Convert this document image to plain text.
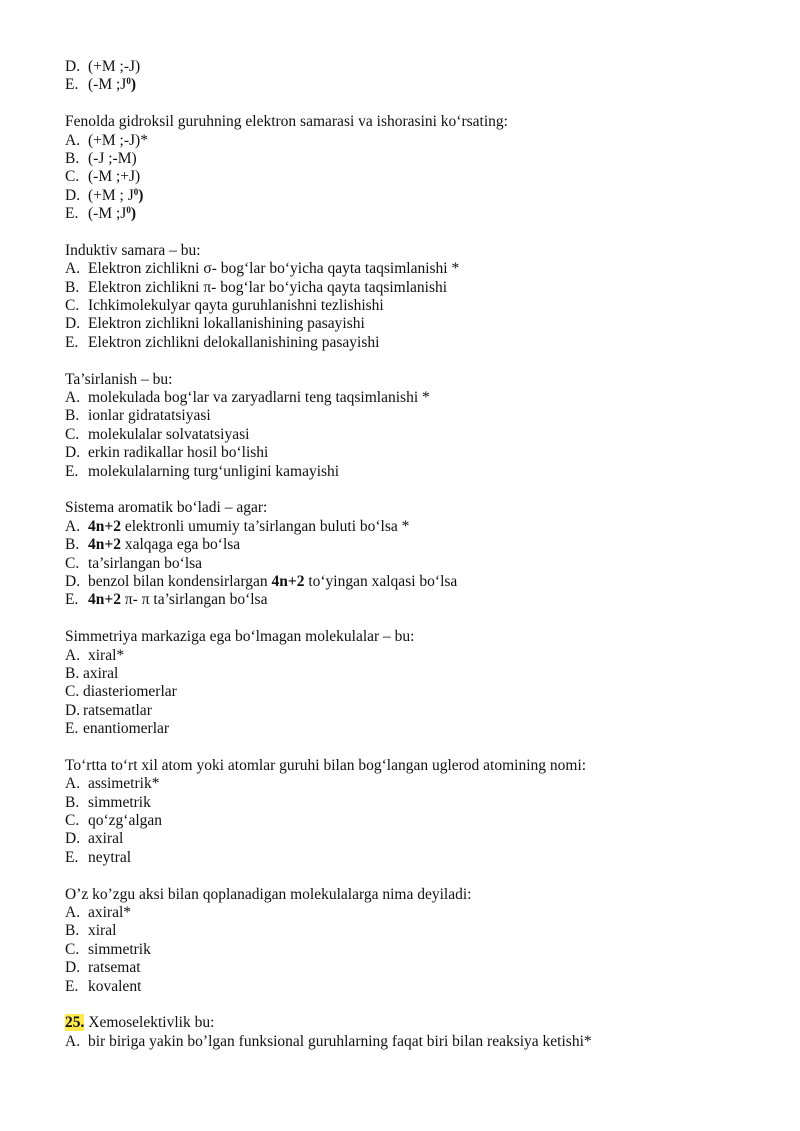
D. (+M ;-J)
E. (-M $;J^0$)
Fenolda gidroksil guruhning elektron samarasi va ishorasini ko‘rsating:
A. (+M ;-J)*
B. (-J ;-M)
C. (-M ;+J)
D. (+M ; $J^0$)
E. (-M $;J^0$)
Induktiv samara – bu:
A. Elektron zichlikni σ- bog‘lar bo‘yicha qayta taqsimlanishi *
B. Elektron zichlikni π- bog‘lar bo‘yicha qayta taqsimlanishi
C. Ichkimolekulyar qayta guruhlanishni tezlishishi
D. Elektron zichlikni lokallanishining pasayishi
E. Elektron zichlikni delokallanishining pasayishi
Ta’sirlanish – bu:
A. molekulada bog‘lar va zaryadlarni teng taqsimlanishi *
B. ionlar gidratatsiyasi
C. molekulalar solvatatsiyasi
D. erkin radikallar hosil bo‘lishi
E. molekulalarning turg‘unligini kamayishi
Sistema aromatik bo‘ladi – agar:
A. 4n+2 elektronli umumiy ta’sirlangan buluti bo‘lsa *
B. 4n+2 xalqaga ega bo‘lsa
C. ta’sirlangan bo‘lsa
D. benzol bilan kondensirlargan 4n+2 to‘yingan xalqasi bo‘lsa
E. 4n+2 π- π ta’sirlangan bo‘lsa
Simmetriya markaziga ega bo‘lmagan molekulalar – bu:
A. xiral*
B. axiral
C. diasteriomerlar
D. ratsematlar
E. enantiomerlar
To‘rtta to‘rt xil atom yoki atomlar guruhi bilan bog‘langan uglerod atomining nomi:
A. assimetrik*
B. simmetrik
C. qo‘zg‘algan
D. axiral
E. neytral
O’z ko’zgu aksi bilan qoplanadigan molekulalarga nima deyiladi:
A. axiral*
B. xiral
C. simmetrik
D. ratsemat
E. kovalent
25. Xemoselektivlik bu:
A. bir biriga yakin bo’lgan funksional guruhlarning faqat biri bilan reaksiya ketishi*
